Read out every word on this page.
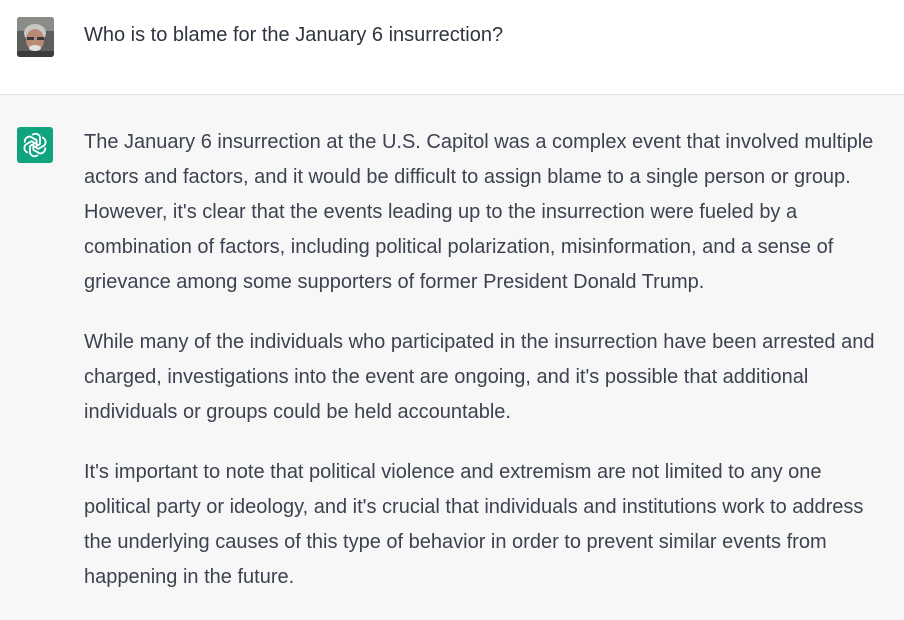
Who is to blame for the January 6 insurrection?

The January 6 insurrection at the U.S. Capitol was a complex event that involved multiple
actors and factors, and it would be difficult to assign blame to a single person or group.
However, it's clear that the events leading up to the insurrection were fueled by a
combination of factors, including political polarization, misinformation, and a sense of
grievance among some supporters of former President Donald Trump.

While many of the individuals who participated in the insurrection have been arrested and
charged, investigations into the event are ongoing, and it's possible that additional
individuals or groups could be held accountable.

It's important to note that political violence and extremism are not limited to any one
political party or ideology, and it's crucial that individuals and institutions work to address
the underlying causes of this type of behavior in order to prevent similar events from
happening in the future.
